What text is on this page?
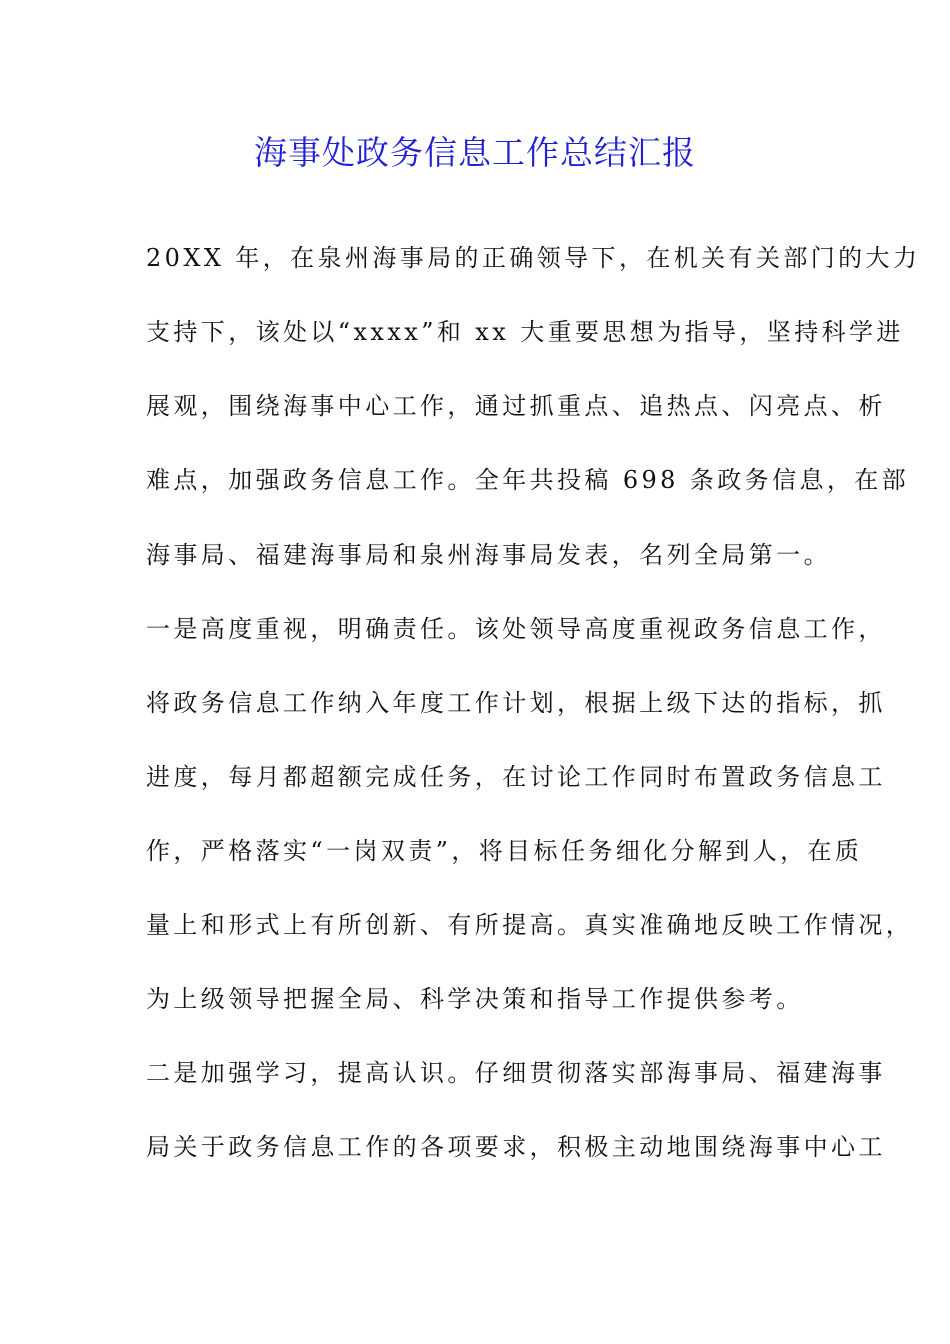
海事处政务信息工作总结汇报
20XX 年，在泉州海事局的正确领导下，在机关有关部门的大力
支持下，该处以“xxxx”和 xx 大重要思想为指导，坚持科学进
展观，围绕海事中心工作，通过抓重点、追热点、闪亮点、析
难点，加强政务信息工作。全年共投稿 698 条政务信息，在部
海事局、福建海事局和泉州海事局发表，名列全局第一。
一是高度重视，明确责任。该处领导高度重视政务信息工作，
将政务信息工作纳入年度工作计划，根据上级下达的指标，抓
进度，每月都超额完成任务，在讨论工作同时布置政务信息工
作，严格落实“一岗双责”，将目标任务细化分解到人，在质
量上和形式上有所创新、有所提高。真实准确地反映工作情况，
为上级领导把握全局、科学决策和指导工作提供参考。
二是加强学习，提高认识。仔细贯彻落实部海事局、福建海事
局关于政务信息工作的各项要求，积极主动地围绕海事中心工
